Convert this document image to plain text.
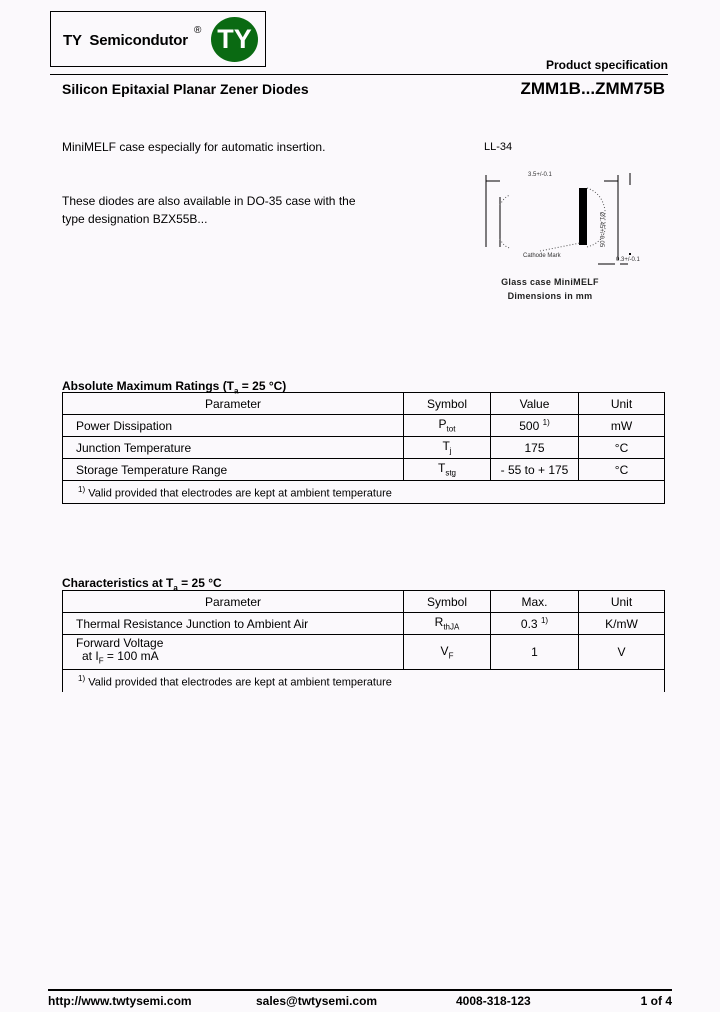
TY  Semicondutor
® TY
Product specification
Silicon Epitaxial Planar Zener Diodes	ZMM1B...ZMM75B
MiniMELF case especially for automatic insertion.
These diodes are also available in DO-35 case with the
type designation BZX55B...
LL-34
3.5+/-0.1
Ø1.45+/-0.05
0.3+/-0.1
Cathode Mark
Glass case MiniMELF
Dimensions in mm
Absolute Maximum Ratings ($T_a = 25$ °C)
Parameter	Symbol	Value	Unit
Power Dissipation	$P_{tot}$	500 $^{1)}$	mW
Junction Temperature	$T_j$	175	°C
Storage Temperature Range	$T_{stg}$	- 55 to + 175	°C
$^{1)}$ Valid provided that electrodes are kept at ambient temperature			
Characteristics at $T_a = 25$ °C
Parameter	Symbol	Max.	Unit
Thermal Resistance Junction to Ambient Air	$R_{thJA}$	0.3 $^{1)}$	K/mW

Forward Voltage
at $I_F = 100$ mA	$V_F$	1	V
$^{1)}$ Valid provided that electrodes are kept at ambient temperature			
http://www.twtysemi.com	sales@twtysemi.com	4008-318-123	1 of 4
